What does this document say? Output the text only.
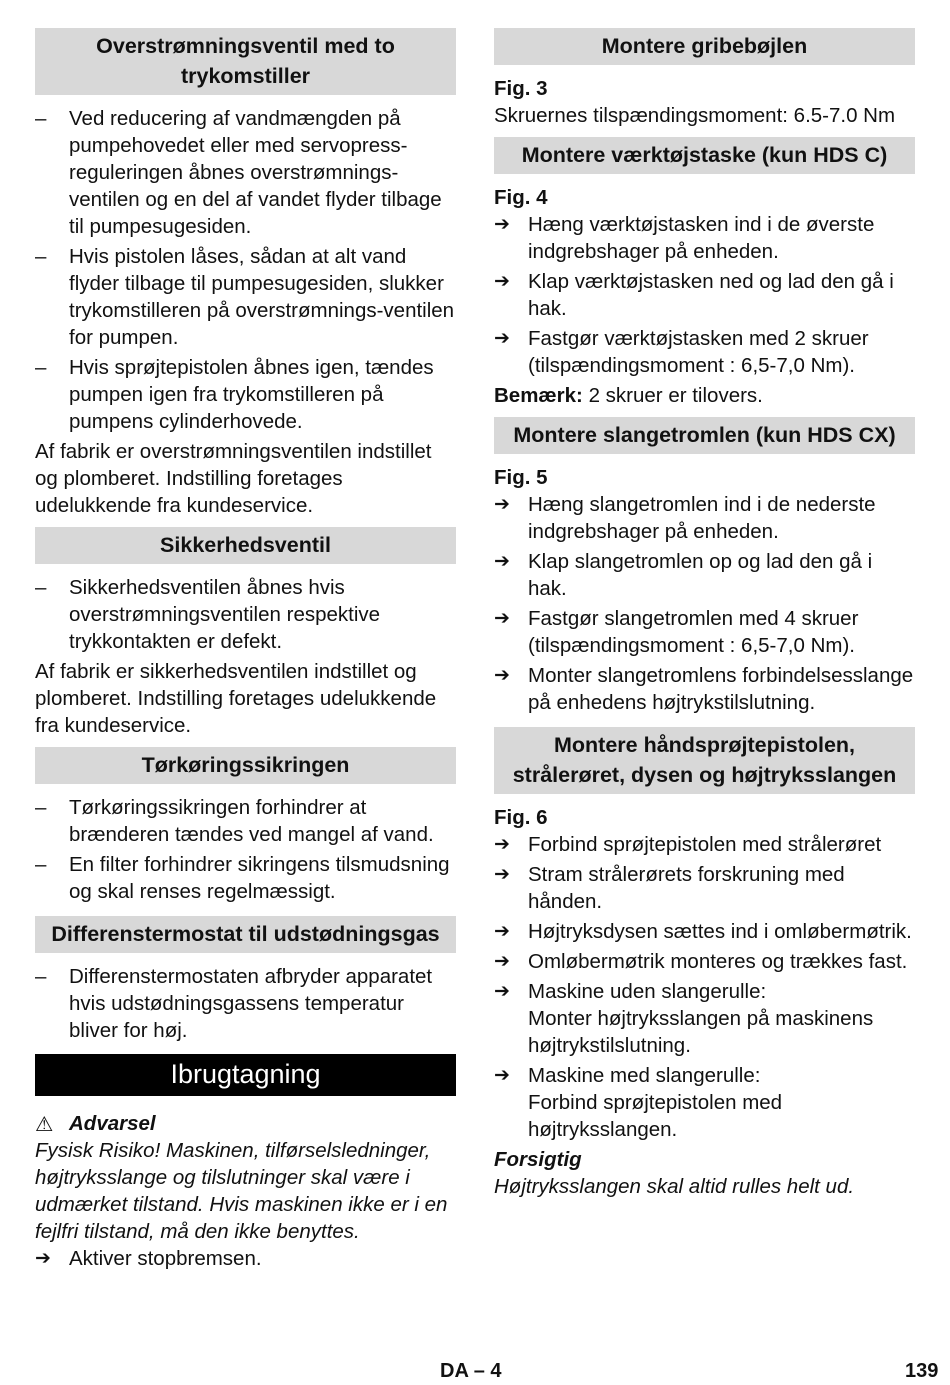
Overstrømningsventil med to trykomstiller
– Ved reducering af vandmængden på pumpehovedet eller med servopress-reguleringen åbnes overstrømnings-ventilen og en del af vandet flyder tilbage til pumpesugesiden.
– Hvis pistolen låses, sådan at alt vand flyder tilbage til pumpesugesiden, slukker trykomstilleren på overstrømnings-ventilen for pumpen.
– Hvis sprøjtepistolen åbnes igen, tændes pumpen igen fra trykomstilleren på pumpens cylinderhovede.

Af fabrik er overstrømningsventilen indstillet og plomberet. Indstilling foretages udelukkende fra kundeservice.

Sikkerhedsventil
– Sikkerhedsventilen åbnes hvis overstrømningsventilen respektive trykkontakten er defekt.

Af fabrik er sikkerhedsventilen indstillet og plomberet. Indstilling foretages udelukkende fra kundeservice.

Tørkøringssikringen
– Tørkøringssikringen forhindrer at brænderen tændes ved mangel af vand.
– En filter forhindrer sikringens tilsmudsning og skal renses regelmæssigt.
Differenstermostat til udstødningsgas
– Differenstermostaten afbryder apparatet hvis udstødningsgassens temperatur bliver for høj.
Ibrugtagning
⚠ Advarsel

Fysisk Risiko! Maskinen, tilførselsledninger, højtryksslange og tilslutninger skal være i udmærket tilstand. Hvis maskinen ikke er i en fejlfri tilstand, må den ikke benyttes.

➔ Aktiver stopbremsen.
Montere gribebøjlen

Fig. 3

Skruernes tilspændingsmoment: 6.5-7.0 Nm

Montere værktøjstaske (kun HDS C)

Fig. 4

➔ Hæng værktøjstasken ind i de øverste indgrebshager på enheden.
➔ Klap værktøjstasken ned og lad den gå i hak.
➔ Fastgør værktøjstasken med 2 skruer (tilspændingsmoment : 6,5-7,0 Nm).

Bemærk: 2 skruer er tilovers.

Montere slangetromlen (kun HDS CX)

Fig. 5

➔ Hæng slangetromlen ind i de nederste indgrebshager på enheden.
➔ Klap slangetromlen op og lad den gå i hak.
➔ Fastgør slangetromlen med 4 skruer (tilspændingsmoment : 6,5-7,0 Nm).
➔ Monter slangetromlens forbindelsesslange på enhedens højtrykstilslutning.
Montere håndsprøjtepistolen, strålerøret, dysen og højtryksslangen

Fig. 6

➔ Forbind sprøjtepistolen med strålerøret
➔ Stram strålerørets forskruning med hånden.
➔ Højtryksdysen sættes ind i omløbermøtrik.
➔ Omløbermøtrik monteres og trækkes fast.
➔ Maskine uden slangerulle:
Monter højtryksslangen på maskinens højtrykstilslutning.
➔ Maskine med slangerulle:
Forbind sprøjtepistolen med højtryksslangen.

Forsigtig

Højtryksslangen skal altid rulles helt ud.

DA – 4	139
